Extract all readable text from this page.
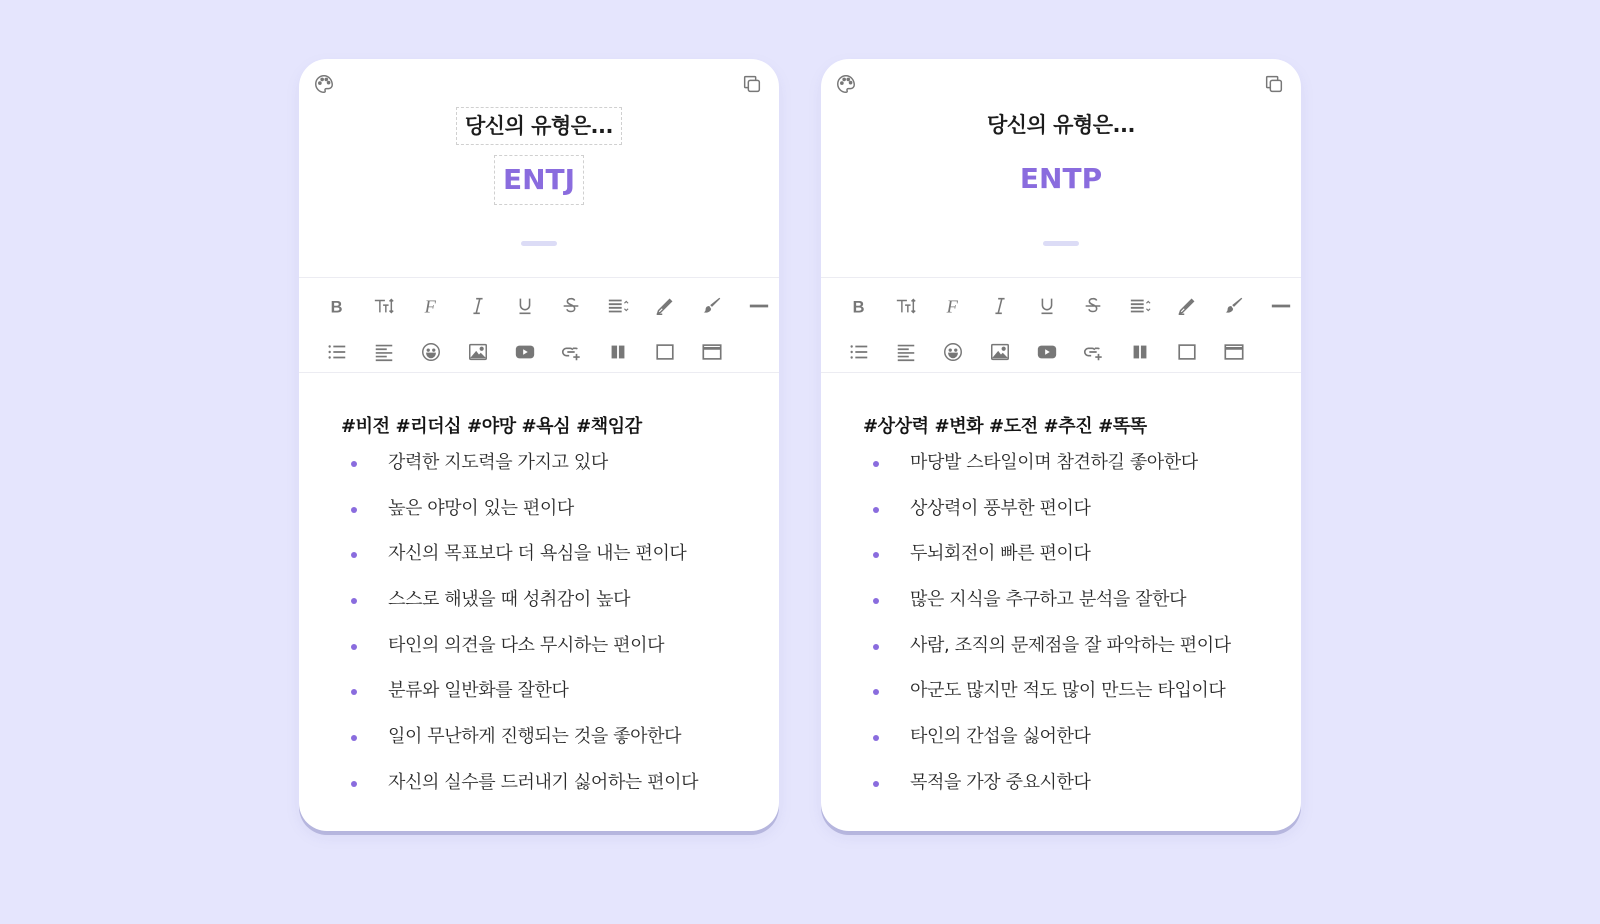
당신의 유형은...
ENTJ
B	F
#비전 #리더십 #야망 #욕심 #책임감
강력한 지도력을 가지고 있다
높은 야망이 있는 편이다
자신의 목표보다 더 욕심을 내는 편이다
스스로 해냈을 때 성취감이 높다
타인의 의견을 다소 무시하는 편이다
분류와 일반화를 잘한다
일이 무난하게 진행되는 것을 좋아한다
자신의 실수를 드러내기 싫어하는 편이다
당신의 유형은...
ENTP
B	F
#상상력 #변화 #도전 #추진 #똑똑
마당발 스타일이며 참견하길 좋아한다
상상력이 풍부한 편이다
두뇌회전이 빠른 편이다
많은 지식을 추구하고 분석을 잘한다
사람, 조직의 문제점을 잘 파악하는 편이다
아군도 많지만 적도 많이 만드는 타입이다
타인의 간섭을 싫어한다
목적을 가장 중요시한다
